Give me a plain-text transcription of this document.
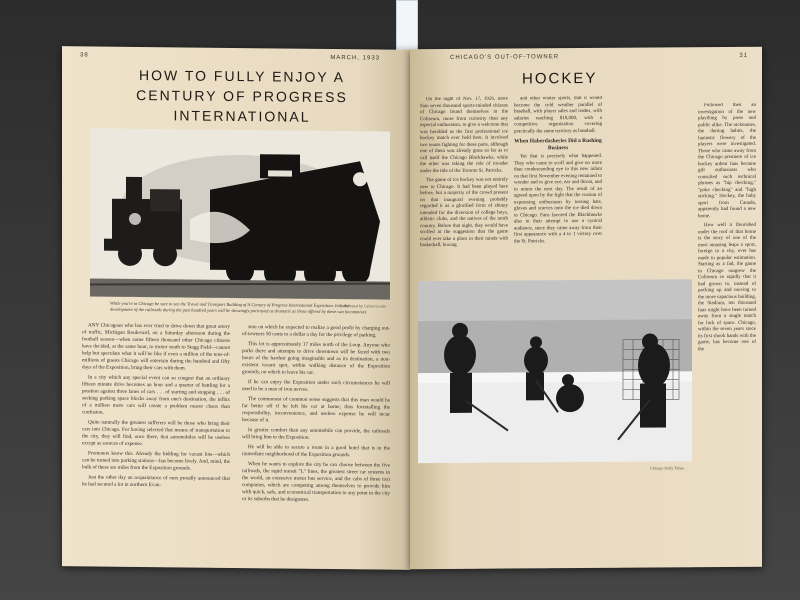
38	MARCH, 1933
HOW TO FULLY ENJOY A
CENTURY OF PROGRESS INTERNATIONAL
While you're in Chicago be sure to see the Travel and Transport Building of A Century of Progress International Exposition. In it the development of the railroads during the past hundred years will be showingly portrayed as dramatic as those offered by these two locomotives
Contributed by Calvin Goods

ANY Chicagoan who has ever tried to drive down that great artery of traffic, Michigan Boulevard, on a Saturday afternoon during the football season—when some fifteen thousand other Chicago citizens have decided, at the same hour, to motor south to Stagg Field—cannot help but speculate what it will be like if even a million of the tens-of-millions of guests Chicago will entertain during the hundred and fifty days of the Exposition, bring their cars with them.

In a city which any special event can so congest that an ordinary fifteen minute drive becomes an hour and a quarter of battling for a position against three lanes of cars . . . of starting and stopping . . . of seeking parking space blocks away from one's destination, the influx of a million more cars will create a problem nearer chaos than confusion.

Quite naturally the greatest sufferers will be those who bring their cars into Chicago. For having selected that means of transportation to the city, they will find, once there, that automobiles will be useless except as sources of expense.

Promoters know this. Already the bidding for vacant lots—which can be turned into parking stations—has become lively. And, mind, the bulk of these are miles from the Exposition grounds.

Just the other day an acquaintance of ours proudly announced that he had secured a lot in northern Evan-

ston on which he expected to realize a good profit by charging out-of-towners 50 cents to a dollar a day for the privilege of parking.

This lot is approximately 17 miles north of the Loop. Anyone who parks there and attempts to drive downtown will be faced with two hours of the hardest going imaginable and as its destination, a non-existent vacant spot, within walking distance of the Exposition grounds, on which to leave his car.

If he can enjoy the Exposition under such circumstances he will need to be a man of iron nerves.

The commonest of common sense suggests that this man would be far better off if he left his car at home; thus forestalling the responsibility, inconvenience, and useless expense he will incur because of it.

In greater comfort than any automobile can provide, the railroads will bring him to the Exposition.

He will be able to secure a room in a good hotel that is in the immediate neighborhood of the Exposition grounds.

When he wants to explore the city he can choose between the five railroads, the rapid transit "L" lines, the greatest street car systems in the world, an extensive motor bus service, and the cabs of three taxi companies, which are competing among themselves to provide him with quick, safe, and economical transportation to any point in the city or its suburbs that he designates.

CHICAGO'S OUT-OF-TOWNER	31
HOCKEY

On the night of Nov. 17, 1926, more than seven thousand sports-minded citizens of Chicago found themselves in the Coliseum, more from curiosity than any especial enthusiasm, to give a welcome that was heralded as the first professional ice hockey match ever held here. It involved two teams fighting for these parts, although one of them was already gone so far as to call itself the Chicago Blackhawks, while the other was taking the role of invader under the title of the Toronto St. Patricks.

The game of ice hockey was not entirely new to Chicago. It had been played here before, but a majority of the crowd present on that inaugural evening probably regarded it as a glorified form of shinny intended for the diversion of college boys, athletic clubs, and the natives of the north country. Before that night, they would have scoffed at the suggestion that the game could ever take a place in their minds with basketball, boxing

and other winter sports, that it would become the cold weather parallel of baseball, with player sales and trades, with salaries reaching $10,000, with a competitive organization covering practically the same territory as baseball.

When Haberdasheries Did a Rushing Business

Yet that is precisely what happened. They who came to scoff and give no more than condescending eye to this new infant on that first November evening remained to wonder and to give eye, ear and throat, and to return the next day. The result of an agreed upon by the fight that the custom of expressing enthusiasm by tossing hats, gloves and scarves onto the ice died down to Chicago. Fans favored the Blackhawks also in their attempt to use a cynical audience, since they came away from their first appearance with a 4 to 1 victory over the St. Patricks.

Followed then an investigation of the new plaything by press and public alike. The nicknames, the darting habits, the fantastic flowery of the players were investigated. Those who came away from the Chicago premiere of ice hockey ardent fans became gift enthusiasts who consulted such technical phrases as "hip checking," "poke checking" and "high sticking." Hockey, the baby sport from Canada, apparently had found a new home.

How well it flourished under the roof of that home is the story of one of the most amazing leaps a sport, foreign to a city, ever has made in popular estimation. Starting as a fad, the game in Chicago outgrew the Coliseum so rapidly that it had grown to, instead of packing up and moving to the more capacious building, the Stadium, ten thousand fans might have been turned away from a single match for lack of space. Chicago, within the seven years since its first shook hands with the game, has become one of the

Chicago Daily Times
